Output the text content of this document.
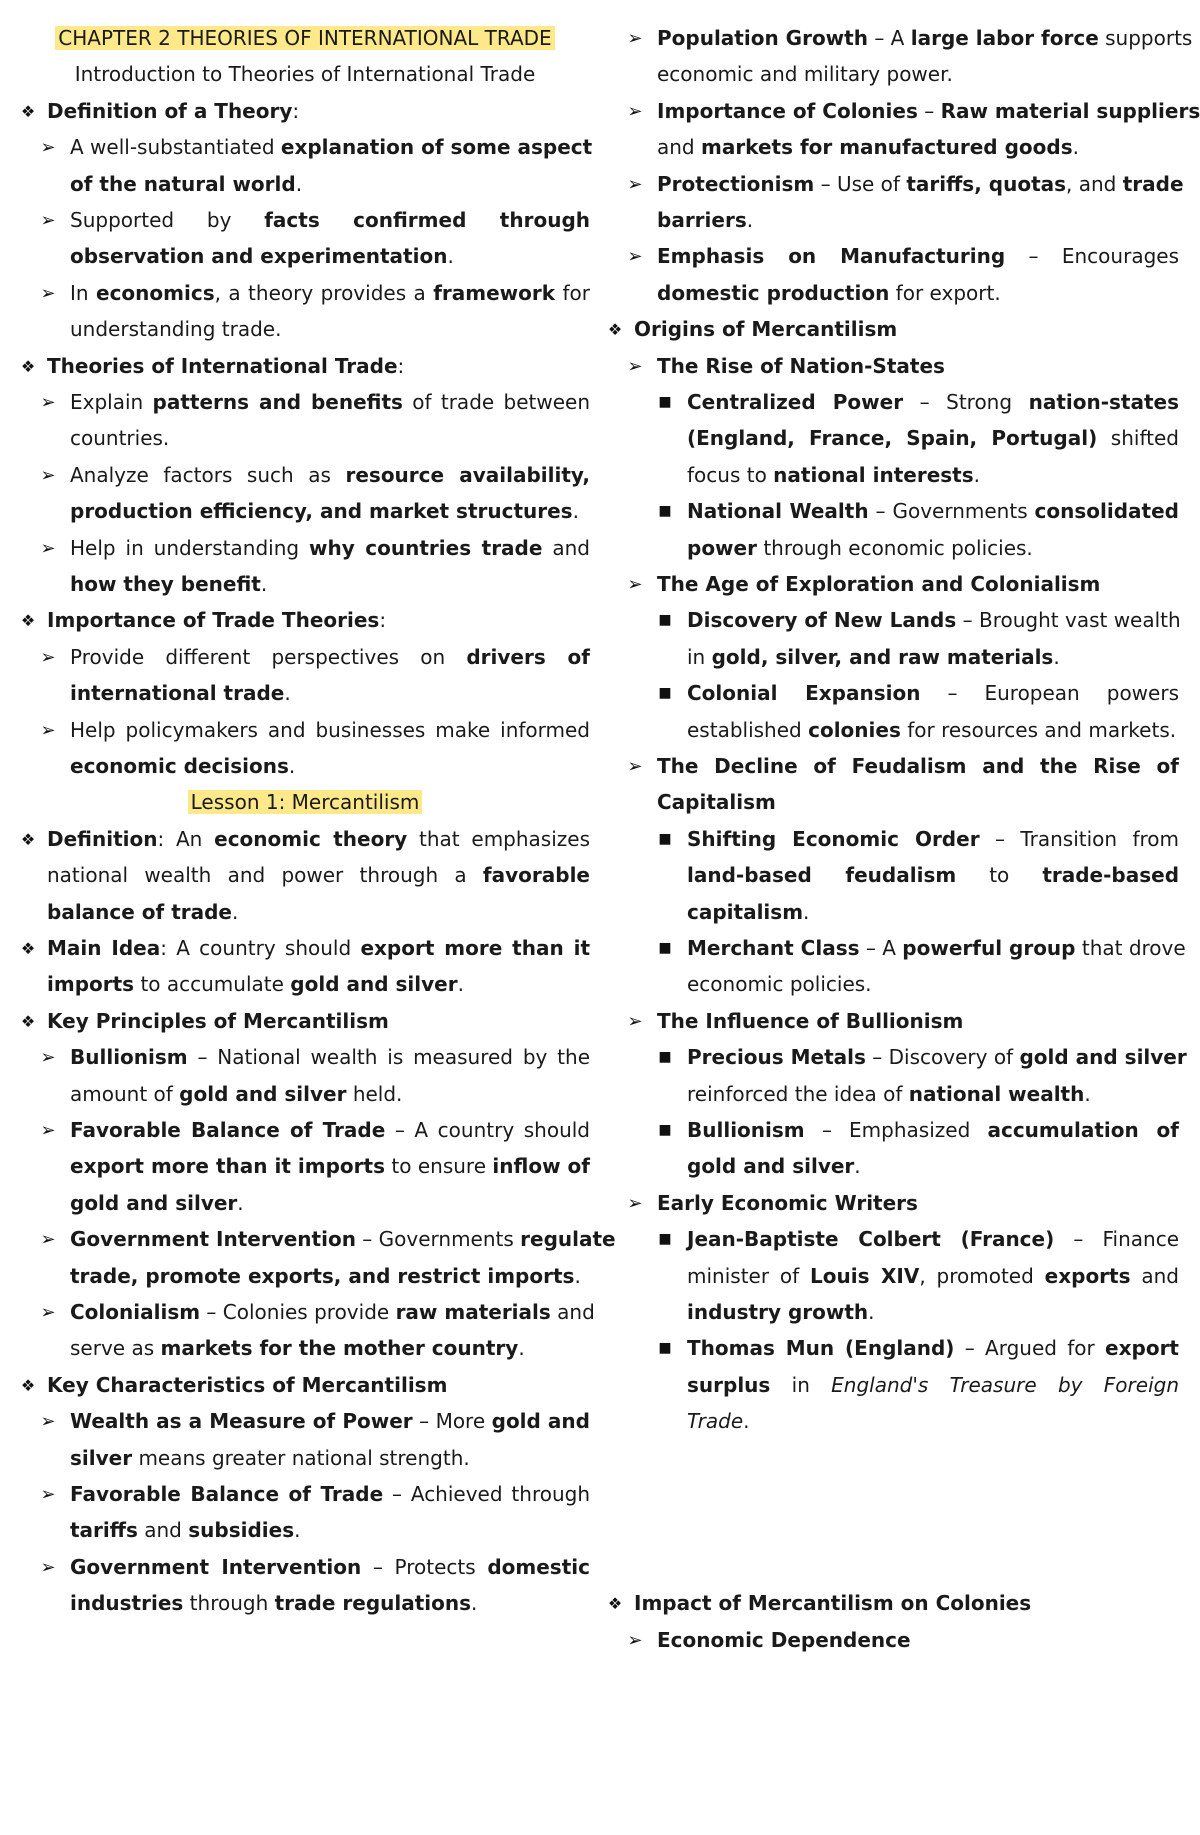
CHAPTER 2 THEORIES OF INTERNATIONAL TRADE
Introduction to Theories of International Trade
❖ Definition of a Theory:
➢ A well-substantiated explanation of some aspect
of the natural world.
➢ Supported by facts confirmed through
observation and experimentation.
➢ In economics, a theory provides a framework for
understanding trade.
❖ Theories of International Trade:
➢ Explain patterns and benefits of trade between
countries.
➢ Analyze factors such as resource availability,
production efficiency, and market structures.
➢ Help in understanding why countries trade and
how they benefit.
❖ Importance of Trade Theories:
➢ Provide different perspectives on drivers of
international trade.
➢ Help policymakers and businesses make informed
economic decisions.
Lesson 1: Mercantilism
❖ Definition: An economic theory that emphasizes
national wealth and power through a favorable
balance of trade.
❖ Main Idea: A country should export more than it
imports to accumulate gold and silver.
❖ Key Principles of Mercantilism
➢ Bullionism – National wealth is measured by the
amount of gold and silver held.
➢ Favorable Balance of Trade – A country should
export more than it imports to ensure inflow of
gold and silver.
➢ Government Intervention – Governments regulate
trade, promote exports, and restrict imports.
➢ Colonialism – Colonies provide raw materials and
serve as markets for the mother country.
❖ Key Characteristics of Mercantilism
➢ Wealth as a Measure of Power – More gold and
silver means greater national strength.
➢ Favorable Balance of Trade – Achieved through
tariffs and subsidies.
➢ Government Intervention – Protects domestic
industries through trade regulations.
➢ Population Growth – A large labor force supports
economic and military power.
➢ Importance of Colonies – Raw material suppliers
and markets for manufactured goods.
➢ Protectionism – Use of tariffs, quotas, and trade
barriers.
➢ Emphasis on Manufacturing – Encourages
domestic production for export.
❖ Origins of Mercantilism
➢ The Rise of Nation-States
■ Centralized Power – Strong nation-states
(England, France, Spain, Portugal) shifted
focus to national interests.
■ National Wealth – Governments consolidated
power through economic policies.
➢ The Age of Exploration and Colonialism
■ Discovery of New Lands – Brought vast wealth
in gold, silver, and raw materials.
■ Colonial Expansion – European powers
established colonies for resources and markets.
➢ The Decline of Feudalism and the Rise of
Capitalism
■ Shifting Economic Order – Transition from
land-based feudalism to trade-based
capitalism.
■ Merchant Class – A powerful group that drove
economic policies.
➢ The Influence of Bullionism
■ Precious Metals – Discovery of gold and silver
reinforced the idea of national wealth.
■ Bullionism – Emphasized accumulation of
gold and silver.
➢ Early Economic Writers
■ Jean-Baptiste Colbert (France) – Finance
minister of Louis XIV, promoted exports and
industry growth.
■ Thomas Mun (England) – Argued for export
surplus in England's Treasure by Foreign
Trade.
❖ Impact of Mercantilism on Colonies
➢ Economic Dependence
